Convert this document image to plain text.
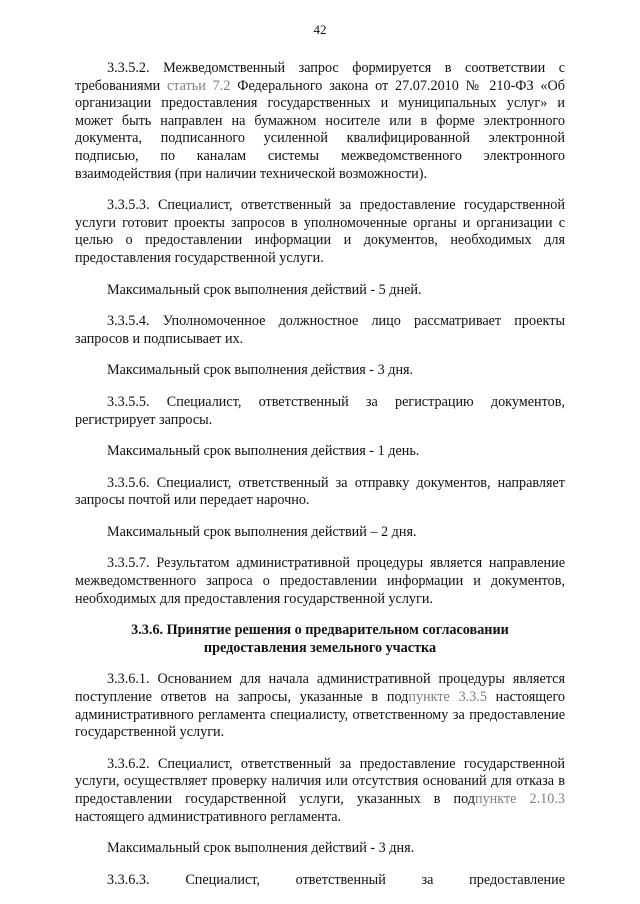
42

3.3.5.2. Межведомственный запрос формируется в соответствии с требованиями статьи 7.2 Федерального закона от 27.07.2010 № 210-ФЗ «Об организации предоставления государственных и муниципальных услуг» и может быть направлен на бумажном носителе или в форме электронного документа, подписанного усиленной квалифицированной электронной подписью, по каналам системы межведомственного электронного взаимодействия (при наличии технической возможности).

3.3.5.3. Специалист, ответственный за предоставление государственной услуги готовит проекты запросов в уполномоченные органы и организации с целью о предоставлении информации и документов, необходимых для предоставления государственной услуги.

Максимальный срок выполнения действий - 5 дней.

3.3.5.4. Уполномоченное должностное лицо рассматривает проекты запросов и подписывает их.

Максимальный срок выполнения действия - 3 дня.

3.3.5.5. Специалист, ответственный за регистрацию документов, регистрирует запросы.

Максимальный срок выполнения действия - 1 день.

3.3.5.6. Специалист, ответственный за отправку документов, направляет запросы почтой или передает нарочно.

Максимальный срок выполнения действий – 2 дня.

3.3.5.7. Результатом административной процедуры является направление межведомственного запроса о предоставлении информации и документов, необходимых для предоставления государственной услуги.

3.3.6. Принятие решения о предварительном согласовании
предоставления земельного участка

3.3.6.1. Основанием для начала административной процедуры является поступление ответов на запросы, указанные в подпункте 3.3.5 настоящего административного регламента специалисту, ответственному за предоставление государственной услуги.

3.3.6.2. Специалист, ответственный за предоставление государственной услуги, осуществляет проверку наличия или отсутствия оснований для отказа в предоставлении государственной услуги, указанных в подпункте 2.10.3 настоящего административного регламента.

Максимальный срок выполнения действий - 3 дня.

3.3.6.3. Специалист, ответственный за предоставление
